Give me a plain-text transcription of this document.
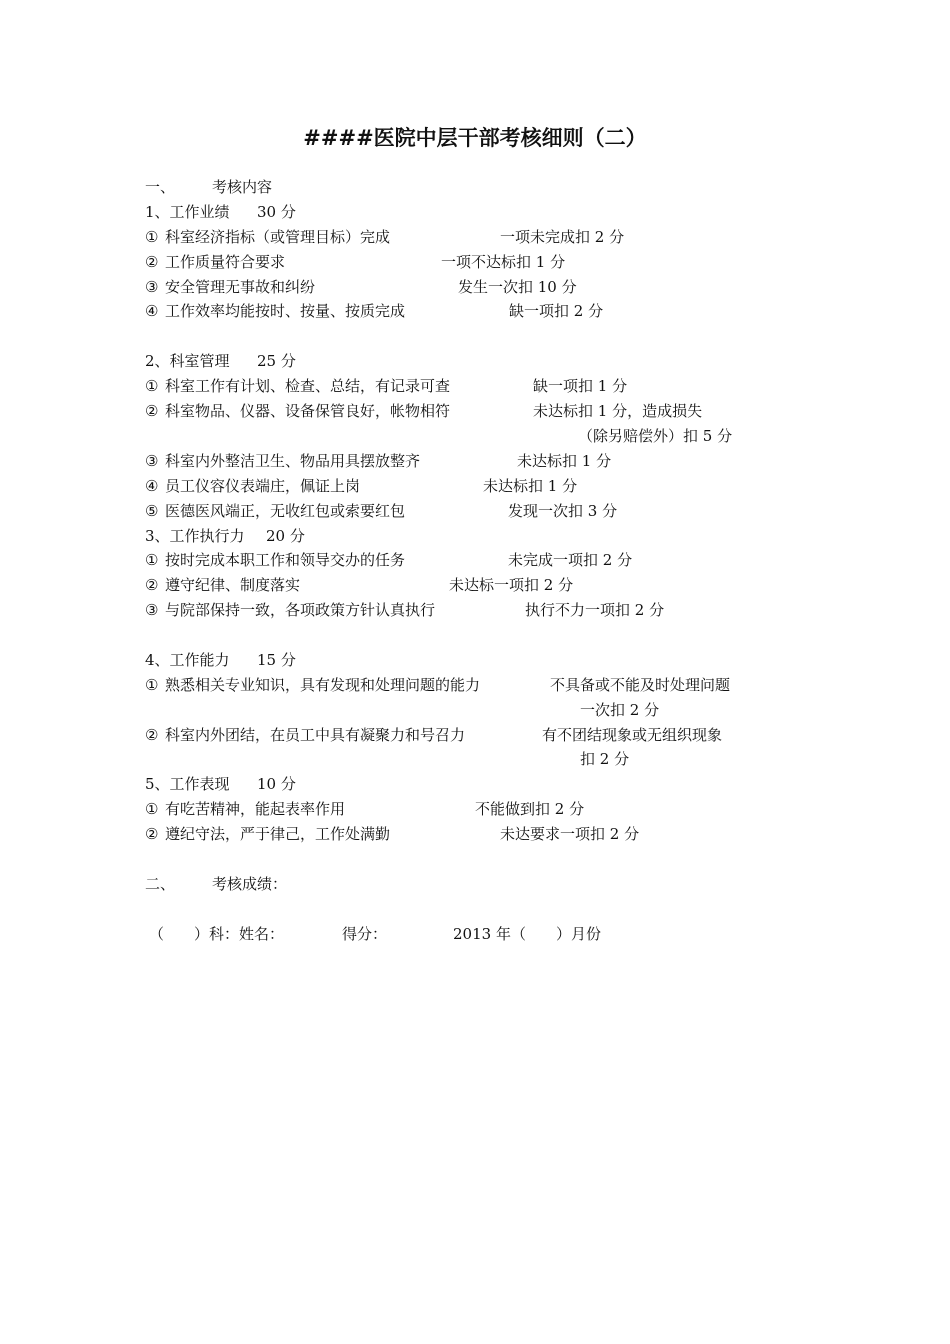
####医院中层干部考核细则（二）
一、 考核内容
1、工作业绩 30 分
① 科室经济指标（或管理目标）完成	一项未完成扣 2 分
② 工作质量符合要求	一项不达标扣 1 分
③ 安全管理无事故和纠纷	发生一次扣 10 分
④ 工作效率均能按时、按量、按质完成	缺一项扣 2 分
2、科室管理 25 分
① 科室工作有计划、检查、总结，有记录可查	缺一项扣 1 分
② 科室物品、仪器、设备保管良好，帐物相符	未达标扣 1 分，造成损失
（除另赔偿外）扣 5 分
③ 科室内外整洁卫生、物品用具摆放整齐	未达标扣 1 分
④ 员工仪容仪表端庄，佩证上岗	未达标扣 1 分
⑤ 医德医风端正，无收红包或索要红包	发现一次扣 3 分
3、工作执行力 20 分
① 按时完成本职工作和领导交办的任务	未完成一项扣 2 分
② 遵守纪律、制度落实	未达标一项扣 2 分
③ 与院部保持一致，各项政策方针认真执行	执行不力一项扣 2 分
4、工作能力 15 分
① 熟悉相关专业知识，具有发现和处理问题的能力	不具备或不能及时处理问题
一次扣 2 分
② 科室内外团结，在员工中具有凝聚力和号召力	有不团结现象或无组织现象
扣 2 分
5、工作表现 10 分
① 有吃苦精神，能起表率作用	不能做到扣 2 分
② 遵纪守法，严于律己，工作处满勤	未达要求一项扣 2 分
二、 考核成绩：
（　　）科：姓名：	得分：	2013 年（　　）月份
